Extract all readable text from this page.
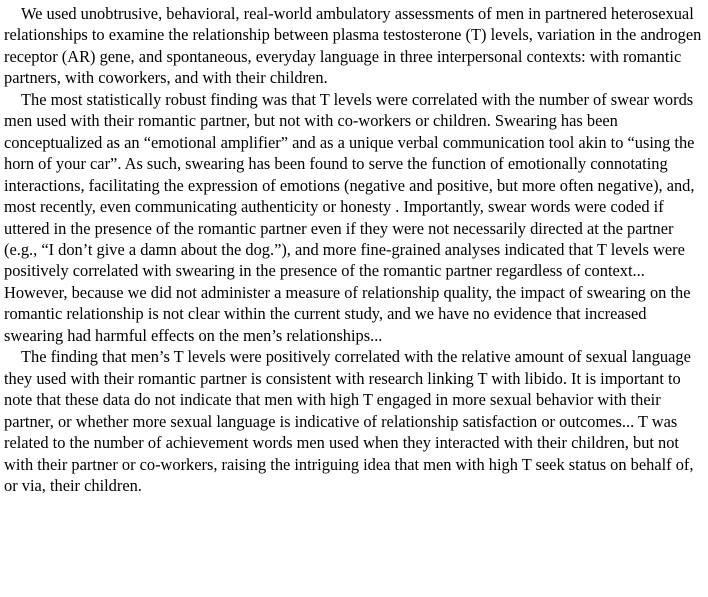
We used unobtrusive, behavioral, real-world ambulatory assessments of men in partnered heterosexual relationships to examine the relationship between plasma testosterone (T) levels, variation in the androgen receptor (AR) gene, and spontaneous, everyday language in three interpersonal contexts: with romantic partners, with coworkers, and with their children.

The most statistically robust finding was that T levels were correlated with the number of swear words men used with their romantic partner, but not with co-workers or children. Swearing has been conceptualized as an “emotional amplifier” and as a unique verbal communication tool akin to “using the horn of your car”. As such, swearing has been found to serve the function of emotionally connotating interactions, facilitating the expression of emotions (negative and positive, but more often negative), and, most recently, even communicating authenticity or honesty . Importantly, swear words were coded if uttered in the presence of the romantic partner even if they were not necessarily directed at the partner (e.g., “I don’t give a damn about the dog.”), and more fine-grained analyses indicated that T levels were positively correlated with swearing in the presence of the romantic partner regardless of context... However, because we did not administer a measure of relationship quality, the impact of swearing on the romantic relationship is not clear within the current study, and we have no evidence that increased swearing had harmful effects on the men’s relationships...

The finding that men’s T levels were positively correlated with the relative amount of sexual language they used with their romantic partner is consistent with research linking T with libido. It is important to note that these data do not indicate that men with high T engaged in more sexual behavior with their partner, or whether more sexual language is indicative of relationship satisfaction or outcomes... T was related to the number of achievement words men used when they interacted with their children, but not with their partner or co-workers, raising the intriguing idea that men with high T seek status on behalf of, or via, their children.
